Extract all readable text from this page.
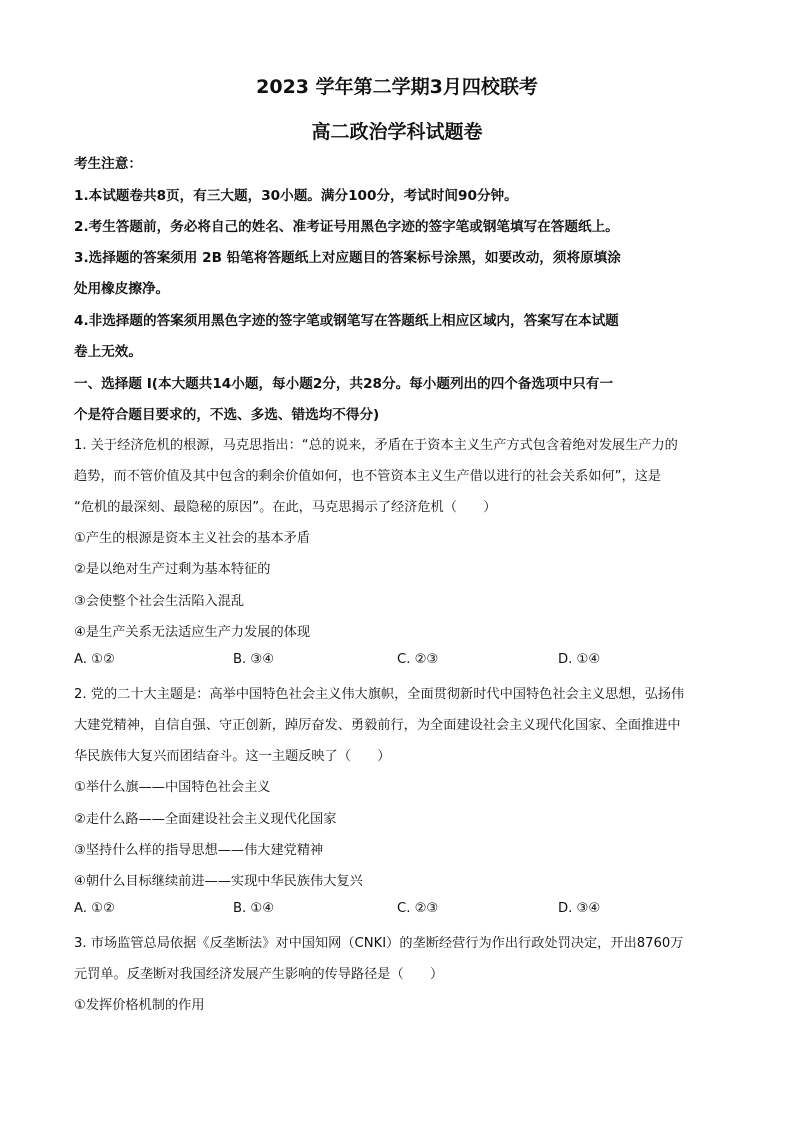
2023 学年第二学期3月四校联考
高二政治学科试题卷
考生注意：
1.本试题卷共8页，有三大题，30小题。满分100分，考试时间90分钟。
2.考生答题前，务必将自己的姓名、准考证号用黑色字迹的签字笔或钢笔填写在答题纸上。
3.选择题的答案须用 2B 铅笔将答题纸上对应题目的答案标号涂黑，如要改动，须将原填涂
处用橡皮擦净。
4.非选择题的答案须用黑色字迹的签字笔或钢笔写在答题纸上相应区域内，答案写在本试题
卷上无效。
一、选择题 I(本大题共14小题，每小题2分，共28分。每小题列出的四个备选项中只有一
个是符合题目要求的，不选、多选、错选均不得分)
1. 关于经济危机的根源，马克思指出：“总的说来，矛盾在于资本主义生产方式包含着绝对发展生产力的
趋势，而不管价值及其中包含的剩余价值如何，也不管资本主义生产借以进行的社会关系如何”，这是
“危机的最深刻、最隐秘的原因”。在此，马克思揭示了经济危机（　　）
①产生的根源是资本主义社会的基本矛盾
②是以绝对生产过剩为基本特征的
③会使整个社会生活陷入混乱
④是生产关系无法适应生产力发展的体现
A. ①②	B. ③④	C. ②③	D. ①④
2. 党的二十大主题是：高举中国特色社会主义伟大旗帜，全面贯彻新时代中国特色社会主义思想，弘扬伟
大建党精神，自信自强、守正创新，踔厉奋发、勇毅前行，为全面建设社会主义现代化国家、全面推进中
华民族伟大复兴而团结奋斗。这一主题反映了（　　）
①举什么旗——中国特色社会主义
②走什么路——全面建设社会主义现代化国家
③坚持什么样的指导思想——伟大建党精神
④朝什么目标继续前进——实现中华民族伟大复兴
A. ①②	B. ①④	C. ②③	D. ③④
3. 市场监管总局依据《反垄断法》对中国知网（CNKI）的垄断经营行为作出行政处罚决定，开出8760万
元罚单。反垄断对我国经济发展产生影响的传导路径是（　　）
①发挥价格机制的作用
